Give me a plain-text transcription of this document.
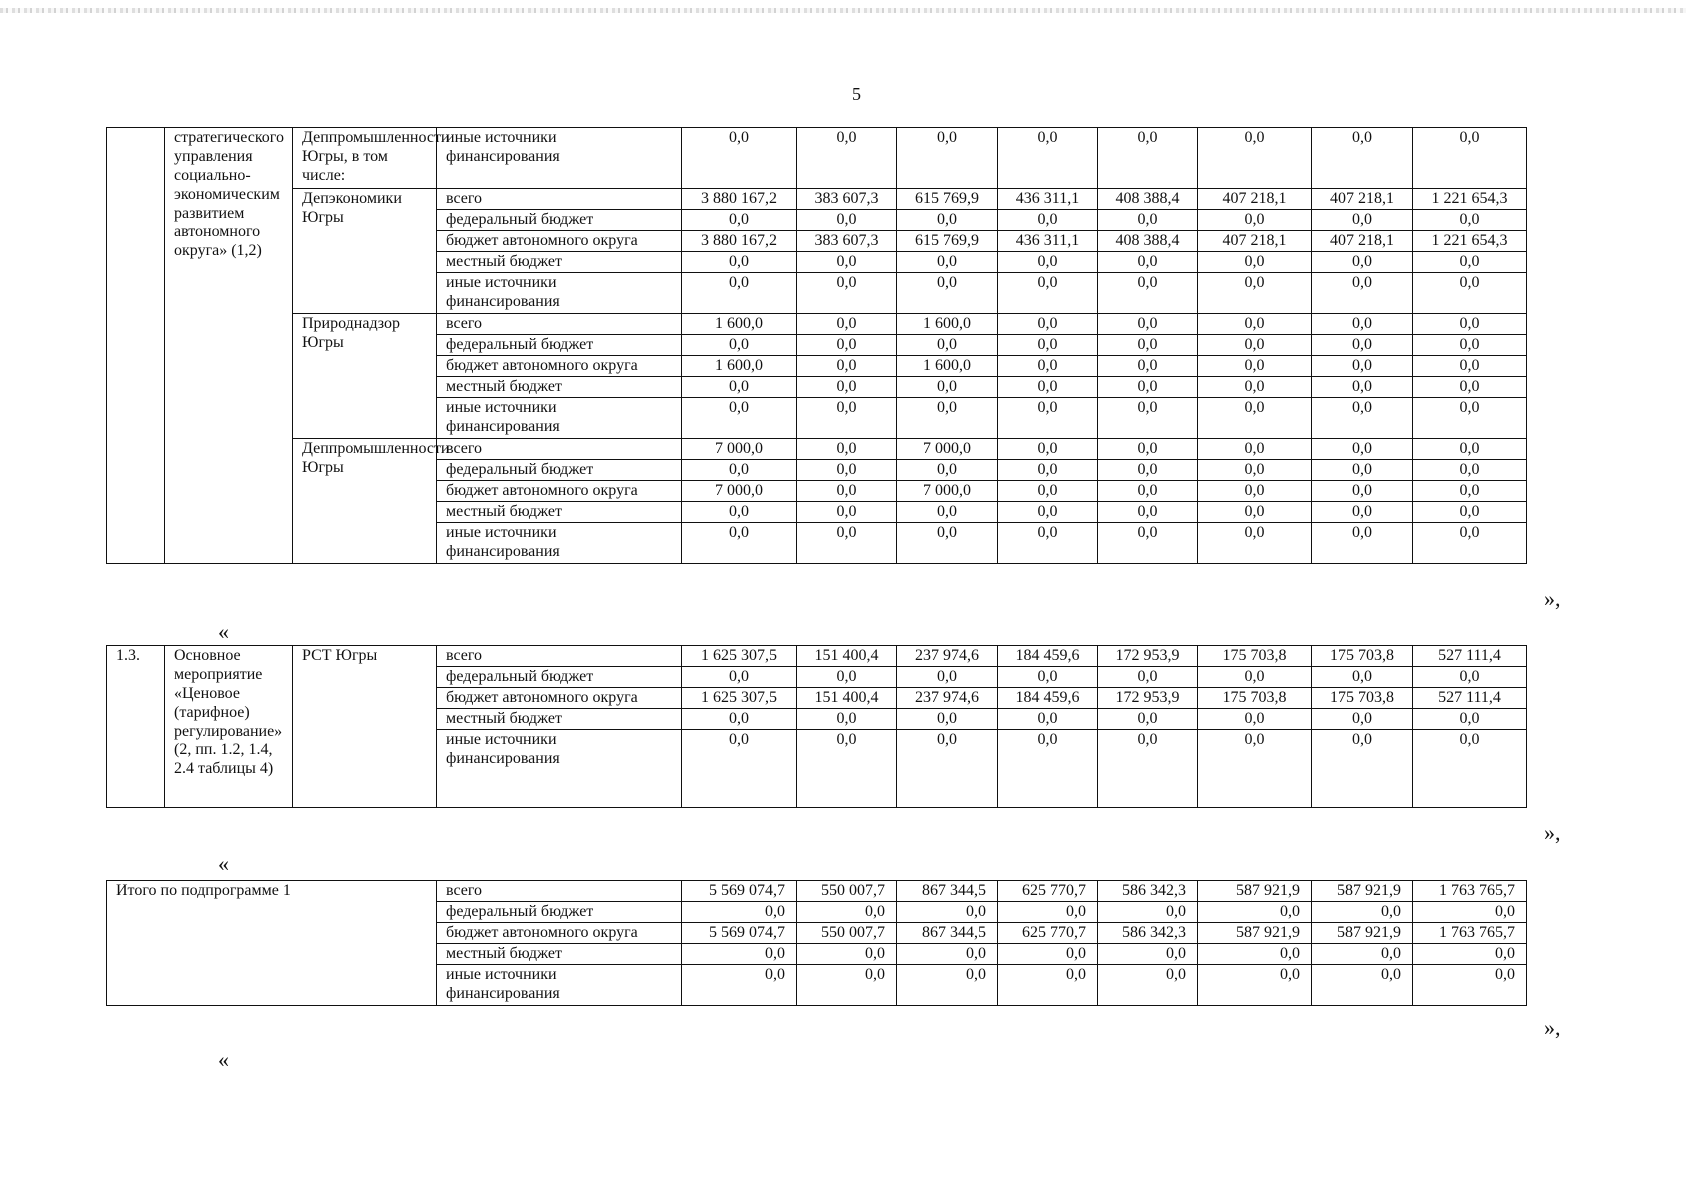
5
	стратегического управления социально-экономическим развитием автономного округа» (1,2)	Деппромышленности Югры, в том числе:	иные источники финансирования	0,0	0,0	0,0	0,0	0,0	0,0	0,0	0,0
		Депэкономики Югры	всего	3 880 167,2	383 607,3	615 769,9	436 311,1	408 388,4	407 218,1	407 218,1	1 221 654,3
			федеральный бюджет	0,0	0,0	0,0	0,0	0,0	0,0	0,0	0,0
			бюджет автономного округа	3 880 167,2	383 607,3	615 769,9	436 311,1	408 388,4	407 218,1	407 218,1	1 221 654,3
			местный бюджет	0,0	0,0	0,0	0,0	0,0	0,0	0,0	0,0
			иные источники финансирования	0,0	0,0	0,0	0,0	0,0	0,0	0,0	0,0
		Природнадзор Югры	всего	1 600,0	0,0	1 600,0	0,0	0,0	0,0	0,0	0,0
			федеральный бюджет	0,0	0,0	0,0	0,0	0,0	0,0	0,0	0,0
			бюджет автономного округа	1 600,0	0,0	1 600,0	0,0	0,0	0,0	0,0	0,0
			местный бюджет	0,0	0,0	0,0	0,0	0,0	0,0	0,0	0,0
			иные источники финансирования	0,0	0,0	0,0	0,0	0,0	0,0	0,0	0,0
		Деппромышленности Югры	всего	7 000,0	0,0	7 000,0	0,0	0,0	0,0	0,0	0,0
			федеральный бюджет	0,0	0,0	0,0	0,0	0,0	0,0	0,0	0,0
			бюджет автономного округа	7 000,0	0,0	7 000,0	0,0	0,0	0,0	0,0	0,0
			местный бюджет	0,0	0,0	0,0	0,0	0,0	0,0	0,0	0,0
			иные источники финансирования	0,0	0,0	0,0	0,0	0,0	0,0	0,0	0,0
»,
«
1.3.	Основное мероприятие «Ценовое (тарифное) регулирование» (2, пп. 1.2, 1.4, 2.4 таблицы 4)	РСТ Югры	всего	1 625 307,5	151 400,4	237 974,6	184 459,6	172 953,9	175 703,8	175 703,8	527 111,4
			федеральный бюджет	0,0	0,0	0,0	0,0	0,0	0,0	0,0	0,0
			бюджет автономного округа	1 625 307,5	151 400,4	237 974,6	184 459,6	172 953,9	175 703,8	175 703,8	527 111,4
			местный бюджет	0,0	0,0	0,0	0,0	0,0	0,0	0,0	0,0
			иные источники финансирования	0,0	0,0	0,0	0,0	0,0	0,0	0,0	0,0
»,
«
Итого по подпрограмме 1	всего	5 569 074,7	550 007,7	867 344,5	625 770,7	586 342,3	587 921,9	587 921,9	1 763 765,7
	федеральный бюджет	0,0	0,0	0,0	0,0	0,0	0,0	0,0	0,0
	бюджет автономного округа	5 569 074,7	550 007,7	867 344,5	625 770,7	586 342,3	587 921,9	587 921,9	1 763 765,7
	местный бюджет	0,0	0,0	0,0	0,0	0,0	0,0	0,0	0,0
	иные источники финансирования	0,0	0,0	0,0	0,0	0,0	0,0	0,0	0,0
»,
«
